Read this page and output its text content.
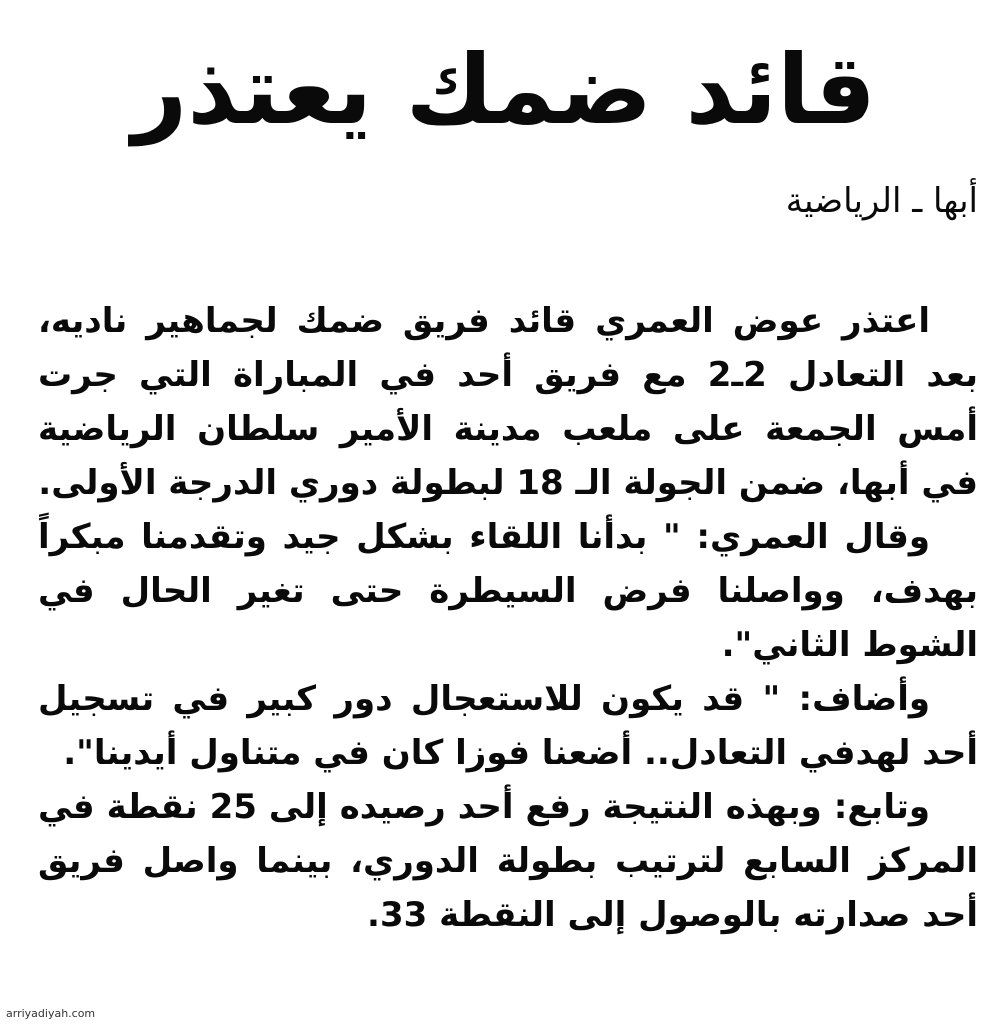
قائد ضمك يعتذر
أبها ـ الرياضية

اعتذر عوض العمري قائد فريق ضمك لجماهير ناديه، بعد التعادل 2ـ2 مع فريق أحد في المباراة التي جرت أمس الجمعة على ملعب مدينة الأمير سلطان الرياضية في أبها، ضمن الجولة الـ 18 لبطولة دوري الدرجة الأولى.

وقال العمري: " بدأنا اللقاء بشكل جيد وتقدمنا مبكراً بهدف، وواصلنا فرض السيطرة حتى تغير الحال في الشوط الثاني".

وأضاف: " قد يكون للاستعجال دور كبير في تسجيل أحد لهدفي التعادل.. أضعنا فوزا كان في متناول أيدينا".

وتابع: وبهذه النتيجة رفع أحد رصيده إلى 25 نقطة في المركز السابع لترتيب بطولة الدوري، بينما واصل فريق أحد صدارته بالوصول إلى النقطة 33.

arriyadiyah.com
